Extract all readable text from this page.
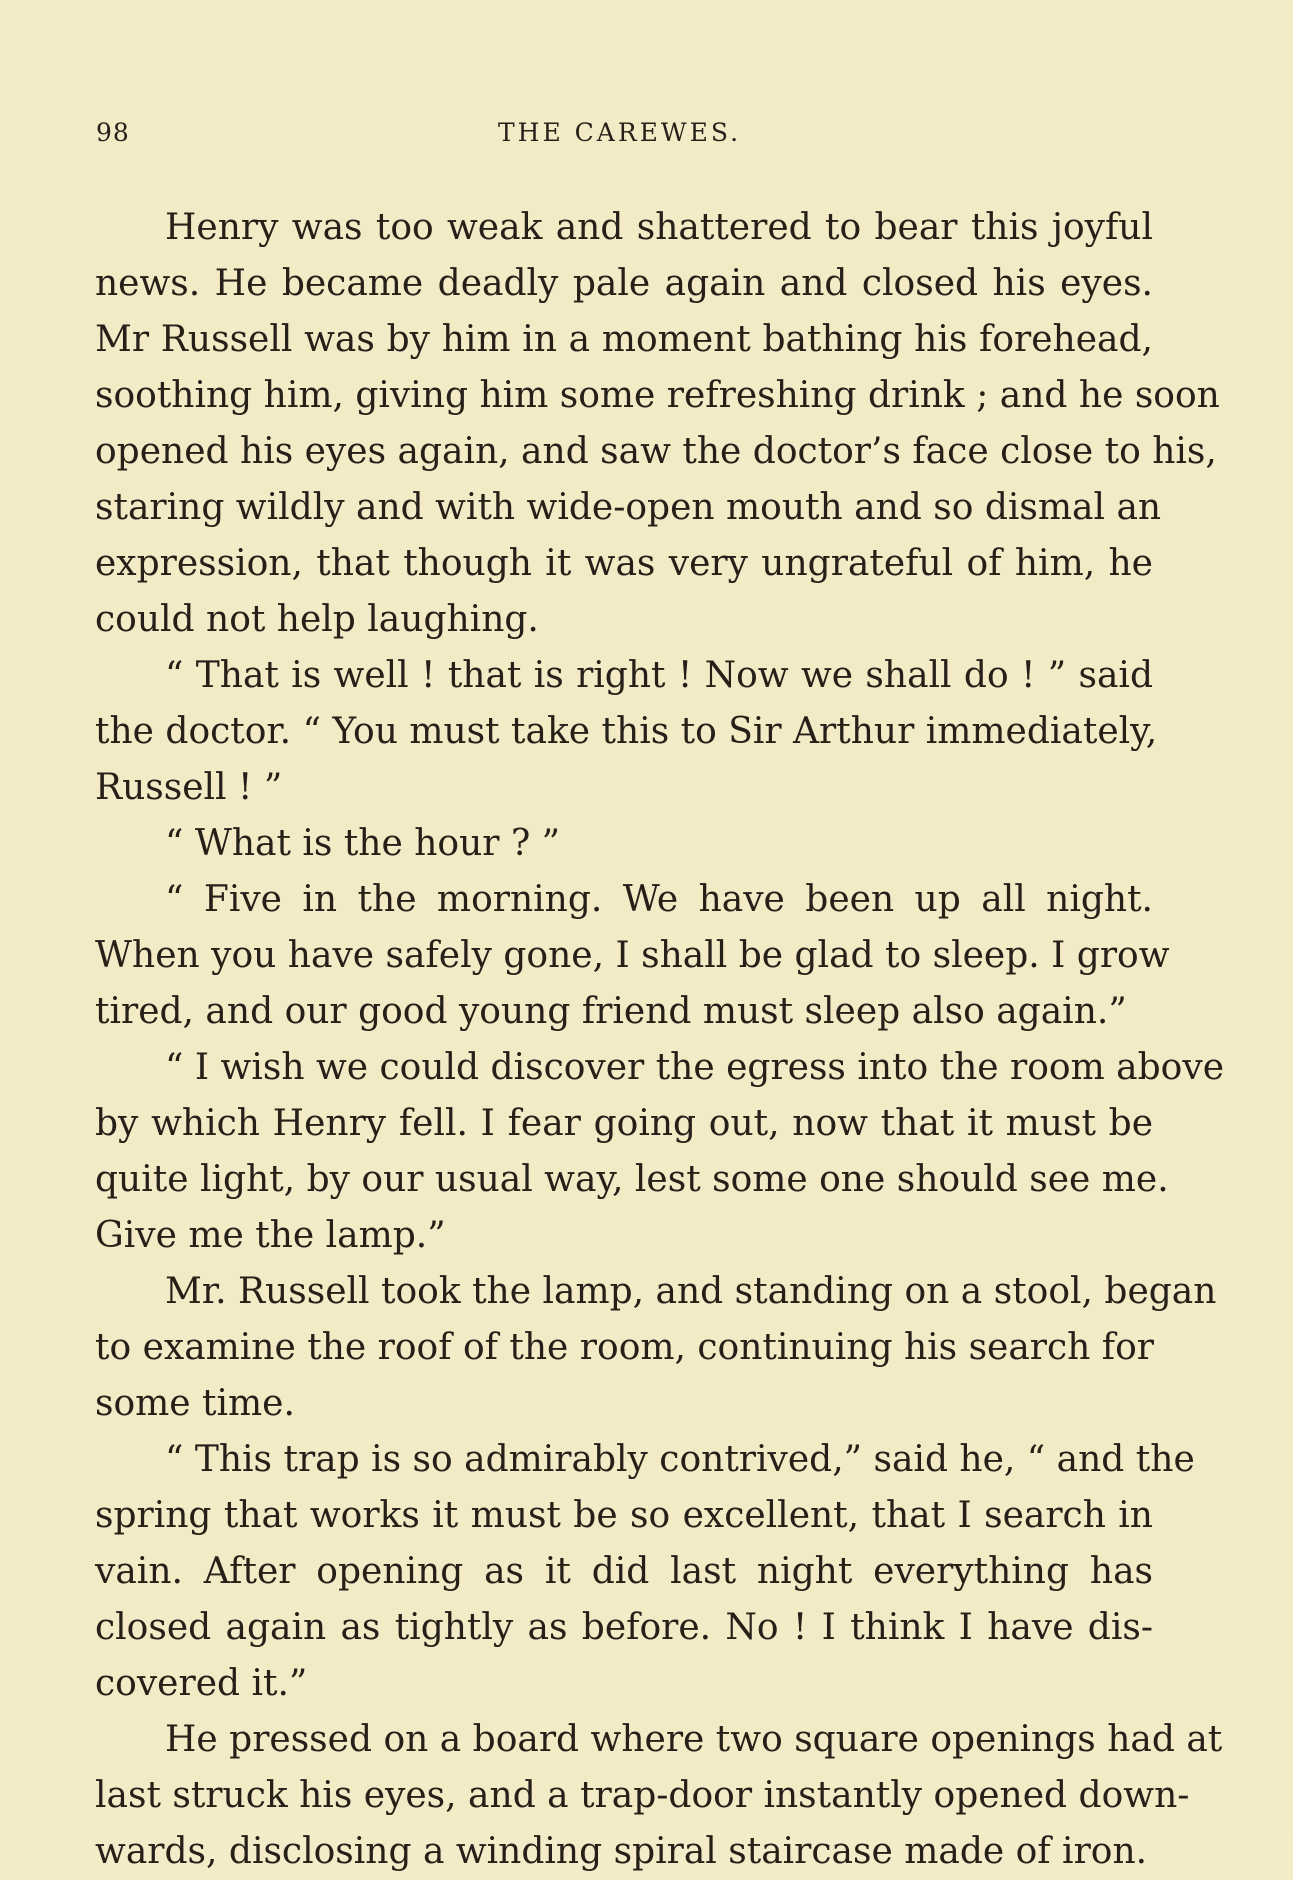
98	THE CAREWES.
Henry was too weak and shattered to bear this joyful
news. He became deadly pale again and closed his eyes.
Mr Russell was by him in a moment bathing his forehead,
soothing him, giving him some refreshing drink ; and he soon
opened his eyes again, and saw the doctor’s face close to his,
staring wildly and with wide-open mouth and so dismal an
expression, that though it was very ungrateful of him, he
could not help laughing.
“ That is well ! that is right ! Now we shall do ! ” said
the doctor. “ You must take this to Sir Arthur immediately,
Russell ! ”
“ What is the hour ? ”
“ Five in the morning. We have been up all night.
When you have safely gone, I shall be glad to sleep. I grow
tired, and our good young friend must sleep also again.”
“ I wish we could discover the egress into the room above
by which Henry fell. I fear going out, now that it must be
quite light, by our usual way, lest some one should see me.
Give me the lamp.”
Mr. Russell took the lamp, and standing on a stool, began
to examine the roof of the room, continuing his search for
some time.
“ This trap is so admirably contrived,” said he, “ and the
spring that works it must be so excellent, that I search in
vain. After opening as it did last night everything has
closed again as tightly as before. No ! I think I have dis-
covered it.”
He pressed on a board where two square openings had at
last struck his eyes, and a trap-door instantly opened down-
wards, disclosing a winding spiral staircase made of iron.
